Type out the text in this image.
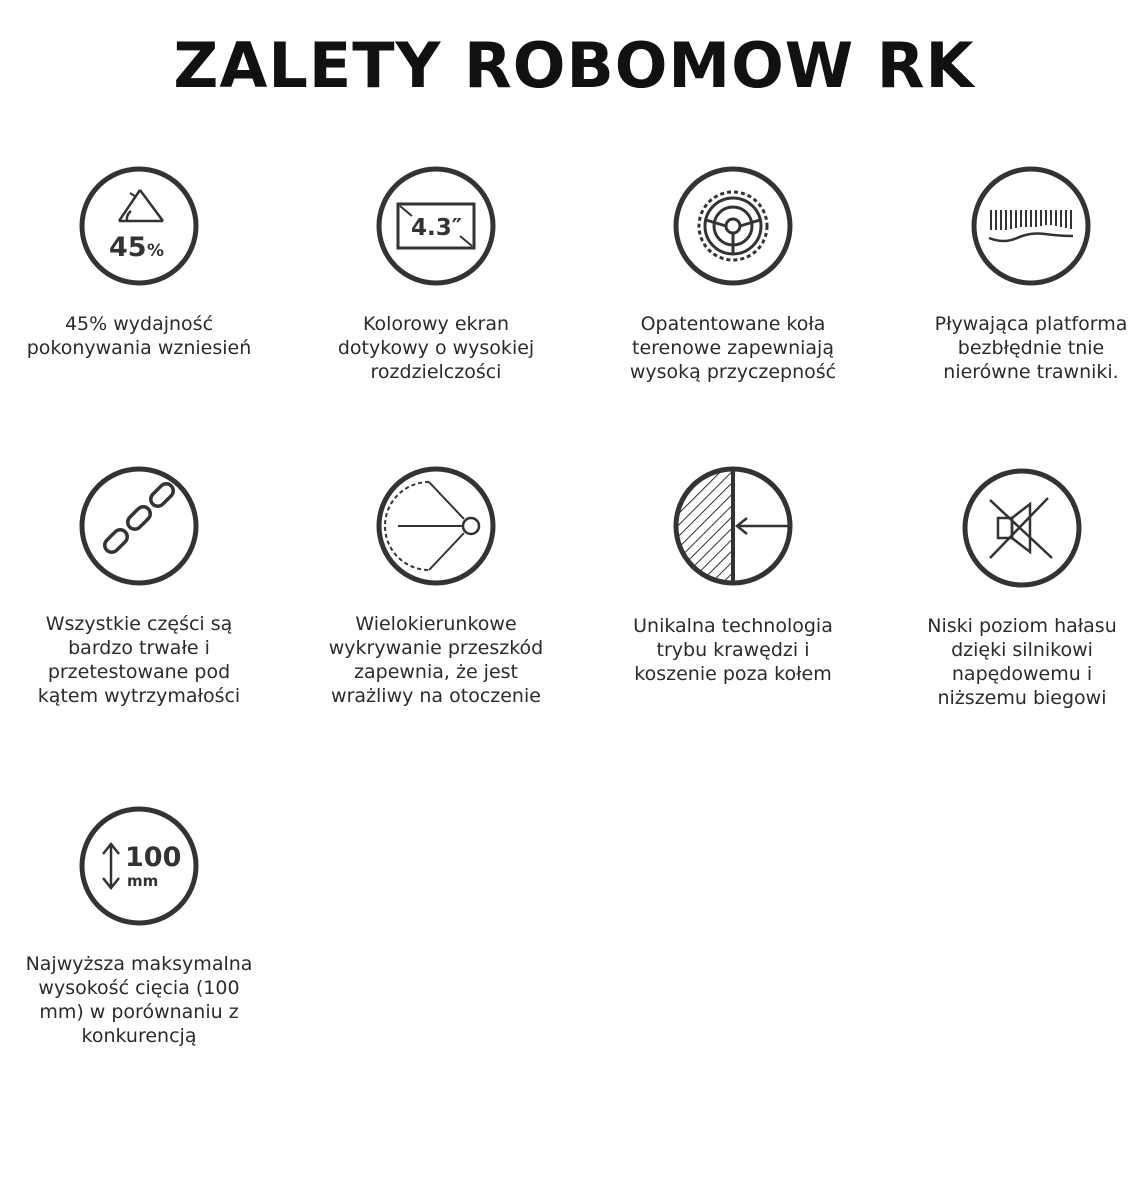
ZALETY ROBOMOW RK
45 %
45% wydajność
pokonywania wzniesień
4.3″
Kolorowy ekran
dotykowy o wysokiej
rozdzielczości
Opatentowane koła
terenowe zapewniają
wysoką przyczepność
Pływająca platforma
bezbłędnie tnie
nierówne trawniki.
Wszystkie części są
bardzo trwałe i
przetestowane pod
kątem wytrzymałości
Wielokierunkowe
wykrywanie przeszkód
zapewnia, że jest
wrażliwy na otoczenie
Unikalna technologia
trybu krawędzi i
koszenie poza kołem
Niski poziom hałasu
dzięki silnikowi
napędowemu i
niższemu biegowi
100
mm
Najwyższa maksymalna
wysokość cięcia (100
mm) w porównaniu z
konkurencją
